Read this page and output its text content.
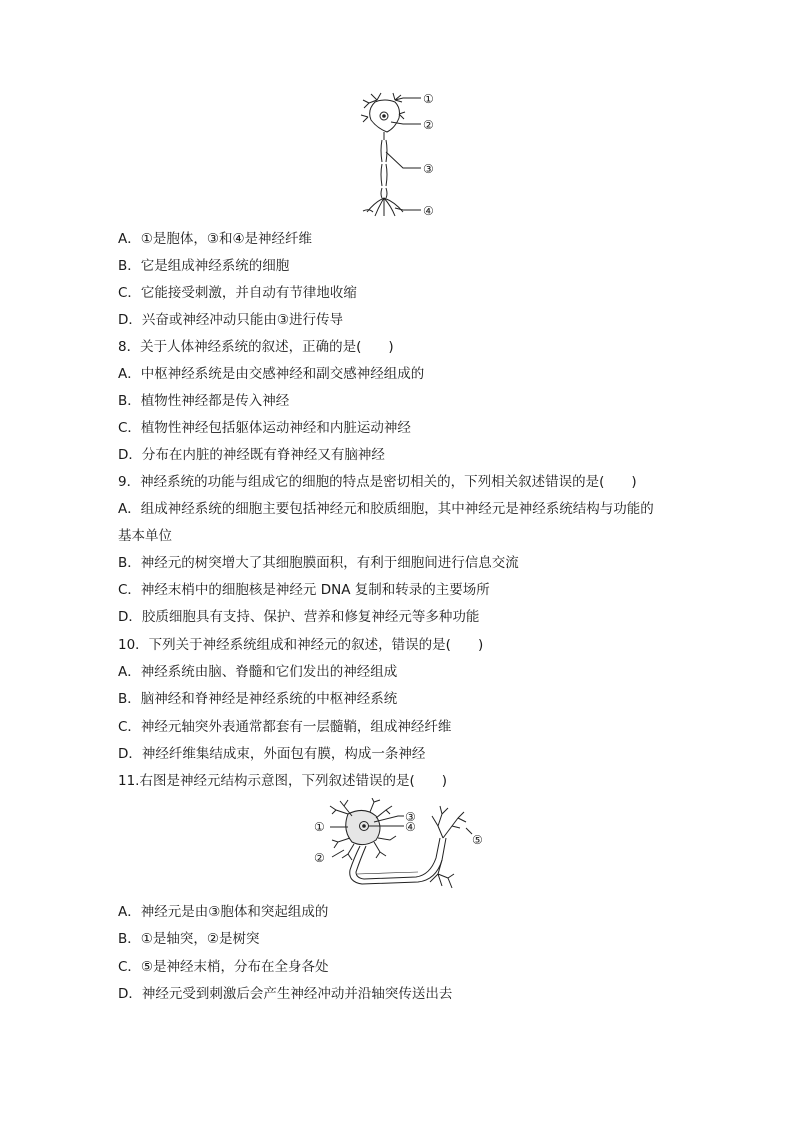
①
②
③
④
A．①是胞体，③和④是神经纤维
B．它是组成神经系统的细胞
C．它能接受刺激，并自动有节律地收缩
D．兴奋或神经冲动只能由③进行传导
8．关于人体神经系统的叙述，正确的是(　　)
A．中枢神经系统是由交感神经和副交感神经组成的
B．植物性神经都是传入神经
C．植物性神经包括躯体运动神经和内脏运动神经
D．分布在内脏的神经既有脊神经又有脑神经
9．神经系统的功能与组成它的细胞的特点是密切相关的，下列相关叙述错误的是(　　)
A．组成神经系统的细胞主要包括神经元和胶质细胞，其中神经元是神经系统结构与功能的
基本单位
B．神经元的树突增大了其细胞膜面积，有利于细胞间进行信息交流
C．神经末梢中的细胞核是神经元 DNA 复制和转录的主要场所
D．胶质细胞具有支持、保护、营养和修复神经元等多种功能
10．下列关于神经系统组成和神经元的叙述，错误的是(　　)
A．神经系统由脑、脊髓和它们发出的神经组成
B．脑神经和脊神经是神经系统的中枢神经系统
C．神经元轴突外表通常都套有一层髓鞘，组成神经纤维
D．神经纤维集结成束，外面包有膜，构成一条神经
11.右图是神经元结构示意图，下列叙述错误的是(　　)
①
②
③
④
⑤
A．神经元是由③胞体和突起组成的
B．①是轴突，②是树突
C．⑤是神经末梢，分布在全身各处
D．神经元受到刺激后会产生神经冲动并沿轴突传送出去
